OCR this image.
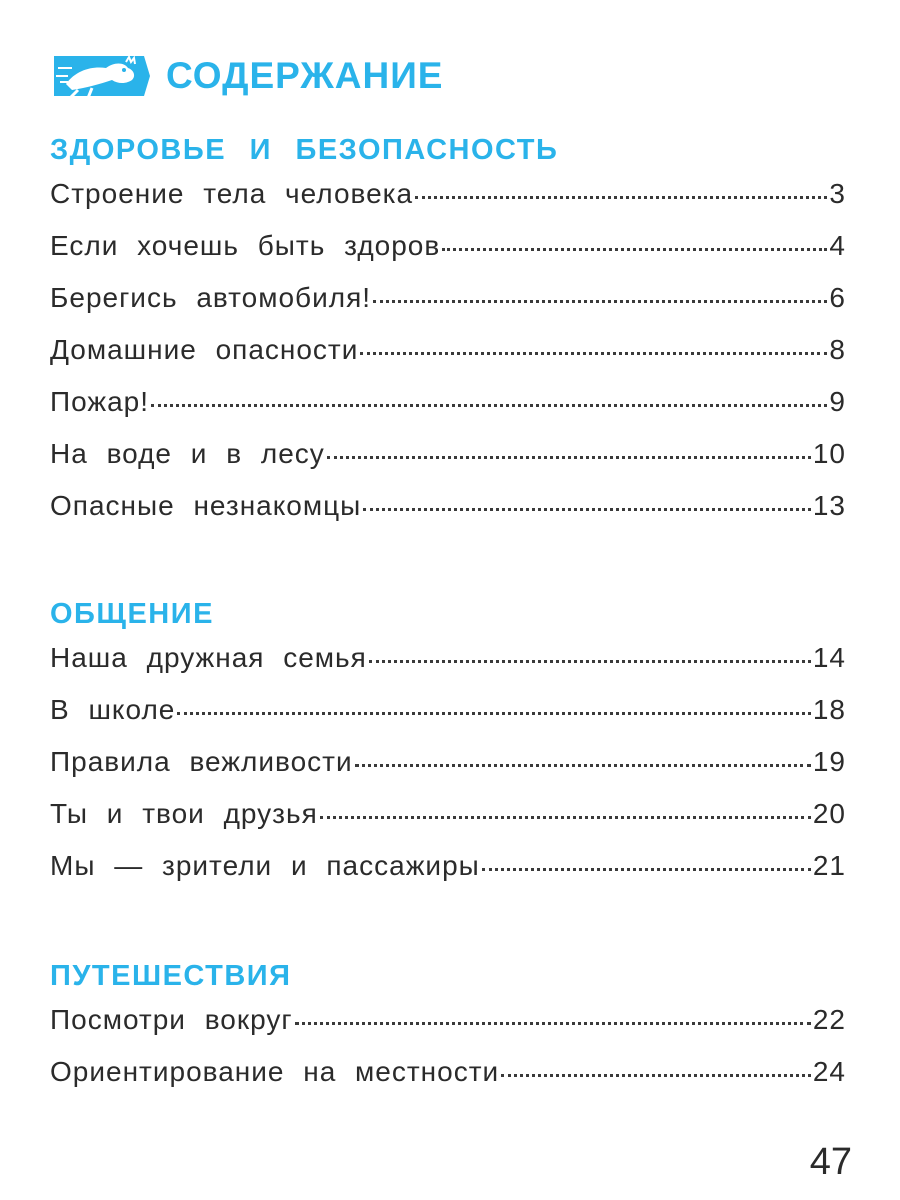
СОДЕРЖАНИЕ
ЗДОРОВЬЕ И БЕЗОПАСНОСТЬ
Строение тела человека	3
Если хочешь быть здоров	4
Берегись автомобиля!	6
Домашние опасности	8
Пожар!	9
На воде и в лесу	10
Опасные незнакомцы	13
ОБЩЕНИЕ
Наша дружная семья	14
В школе	18
Правила вежливости	19
Ты и твои друзья	20
Мы — зрители и пассажиры	21
ПУТЕШЕСТВИЯ
Посмотри вокруг	22
Ориентирование на местности	24
47
